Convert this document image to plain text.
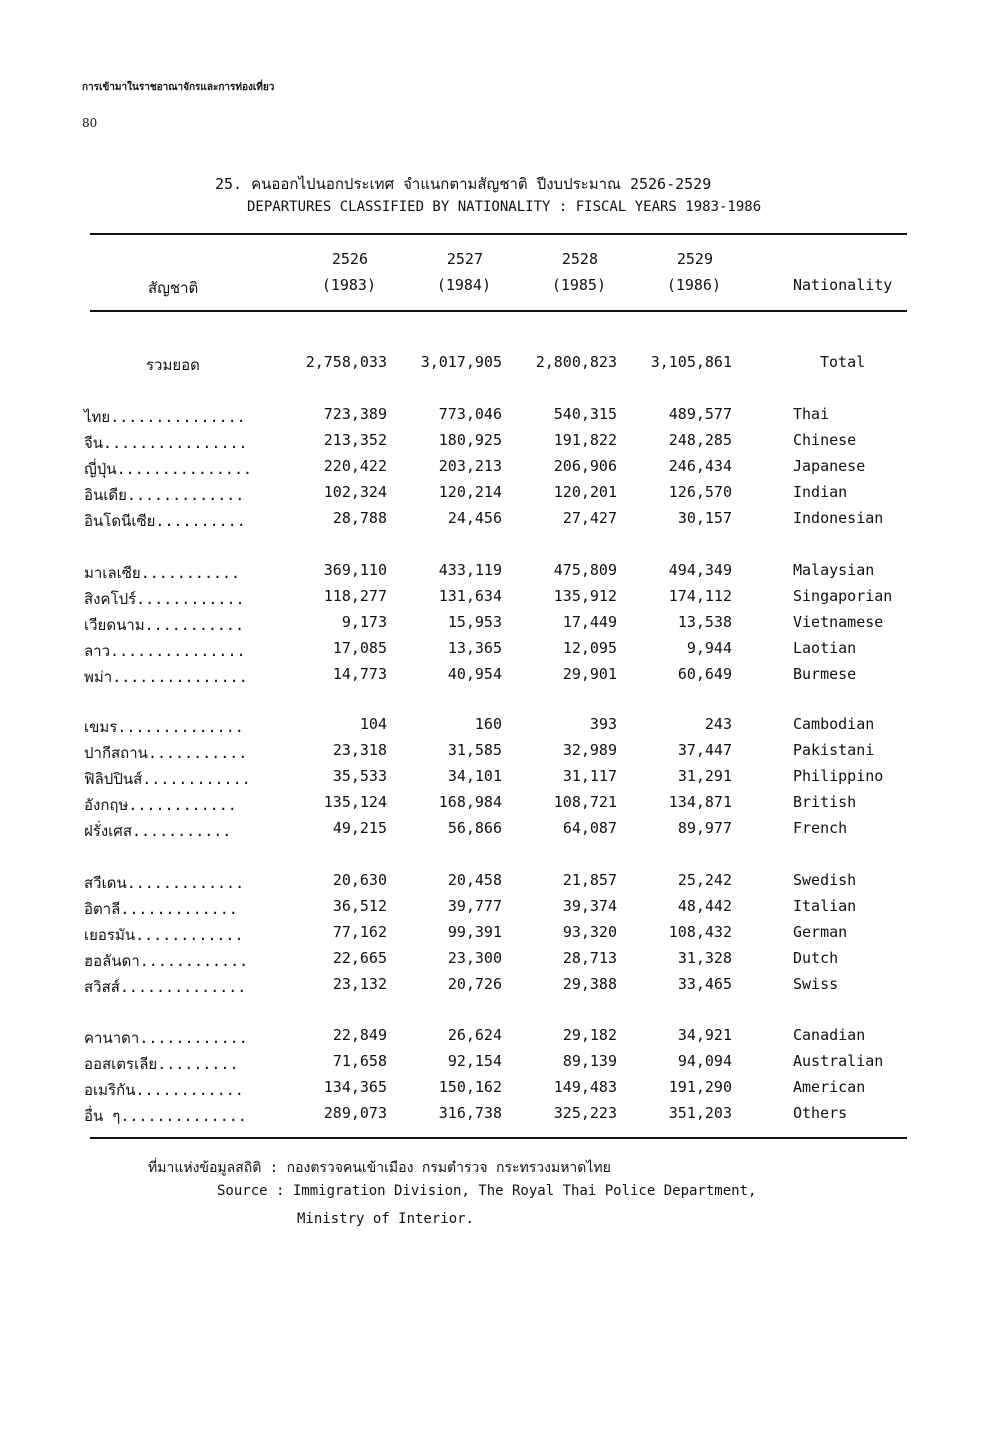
การเข้ามาในราชอาณาจักรและการท่องเที่ยว
80
25. คนออกไปนอกประเทศ จำแนกตามสัญชาติ ปีงบประมาณ 2526-2529
DEPARTURES CLASSIFIED BY NATIONALITY : FISCAL YEARS 1983-1986
2526	2527	2528	2529
(1983)	(1984)	(1985)	(1986)
สัญชาติ	Nationality
รวมยอด	2,758,033	3,017,905	2,800,823	3,105,861	Total
ไทย...............	723,389	773,046	540,315	489,577	Thai
จีน................	213,352	180,925	191,822	248,285	Chinese
ญี่ปุ่น...............	220,422	203,213	206,906	246,434	Japanese
อินเดีย.............	102,324	120,214	120,201	126,570	Indian
อินโดนีเซีย..........	28,788	24,456	27,427	30,157	Indonesian
มาเลเซีย...........	369,110	433,119	475,809	494,349	Malaysian
สิงคโปร์............	118,277	131,634	135,912	174,112	Singaporian
เวียดนาม...........	9,173	15,953	17,449	13,538	Vietnamese
ลาว...............	17,085	13,365	12,095	9,944	Laotian
พม่า...............	14,773	40,954	29,901	60,649	Burmese
เขมร..............	104	160	393	243	Cambodian
ปากีสถาน...........	23,318	31,585	32,989	37,447	Pakistani
ฟิลิปปินส์............	35,533	34,101	31,117	31,291	Philippino
อังกฤษ............	135,124	168,984	108,721	134,871	British
ฝรั่งเศส...........	49,215	56,866	64,087	89,977	French
สวีเดน.............	20,630	20,458	21,857	25,242	Swedish
อิตาลี.............	36,512	39,777	39,374	48,442	Italian
เยอรมัน............	77,162	99,391	93,320	108,432	German
ฮอลันดา............	22,665	23,300	28,713	31,328	Dutch
สวิสส์..............	23,132	20,726	29,388	33,465	Swiss
คานาดา............	22,849	26,624	29,182	34,921	Canadian
ออสเตรเลีย.........	71,658	92,154	89,139	94,094	Australian
อเมริกัน............	134,365	150,162	149,483	191,290	American
อื่น ๆ..............	289,073	316,738	325,223	351,203	Others
ที่มาแห่งข้อมูลสถิติ : กองตรวจคนเข้าเมือง กรมตำรวจ กระทรวงมหาดไทย
Source : Immigration Division, The Royal Thai Police Department,
Ministry of Interior.
